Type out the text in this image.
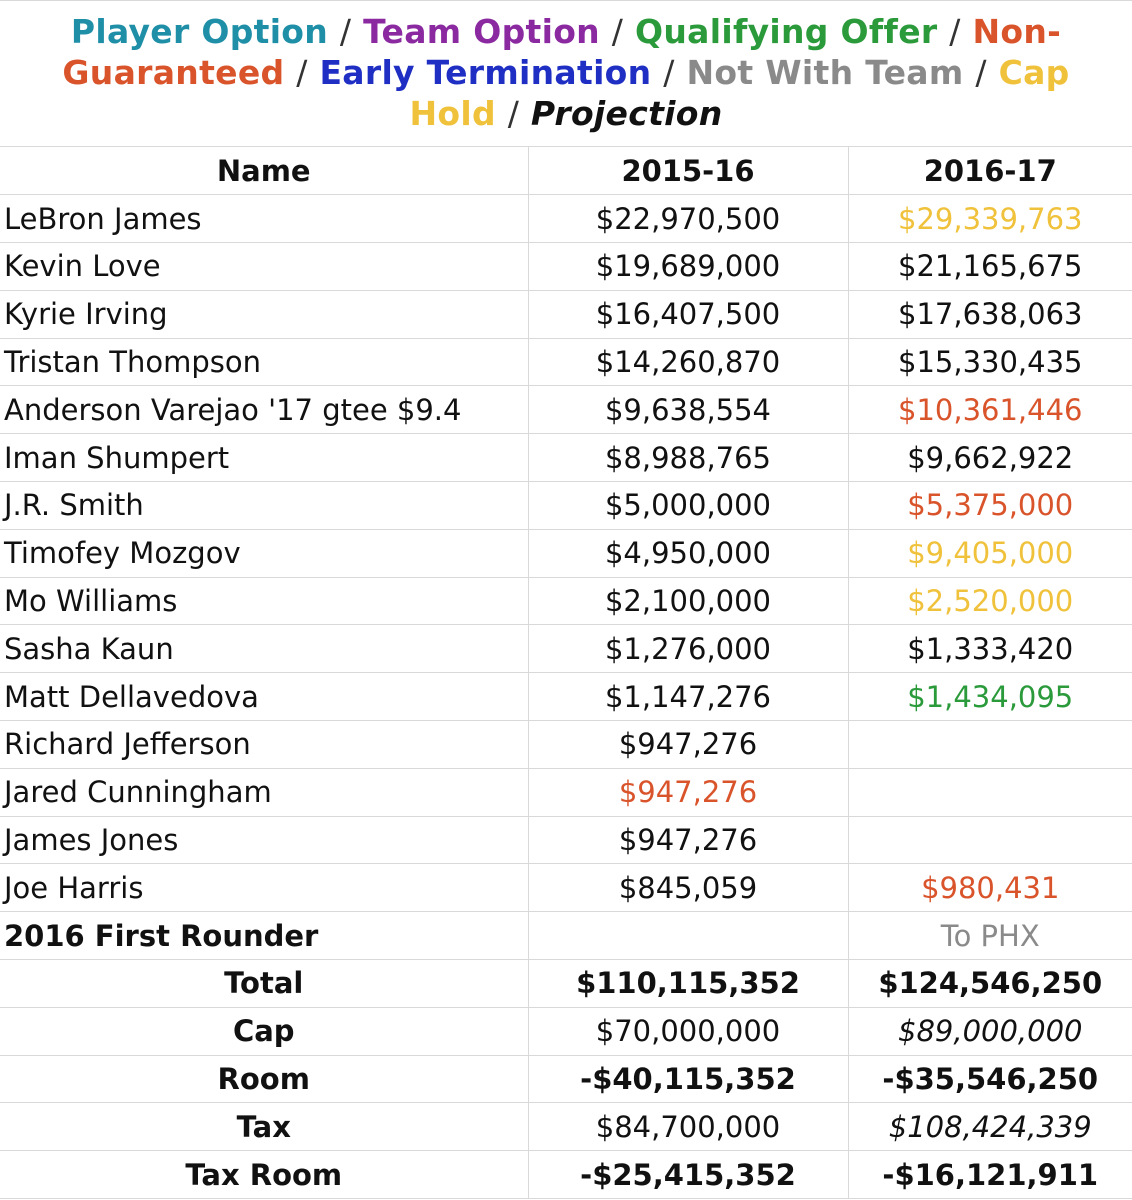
Player Option / Team Option / Qualifying Offer / Non-Guaranteed / Early Termination / Not With Team / Cap Hold / Projection
Name	2015-16	2016-17
LeBron James	$22,970,500	$29,339,763
Kevin Love	$19,689,000	$21,165,675
Kyrie Irving	$16,407,500	$17,638,063
Tristan Thompson	$14,260,870	$15,330,435
Anderson Varejao '17 gtee $9.4	$9,638,554	$10,361,446
Iman Shumpert	$8,988,765	$9,662,922
J.R. Smith	$5,000,000	$5,375,000
Timofey Mozgov	$4,950,000	$9,405,000
Mo Williams	$2,100,000	$2,520,000
Sasha Kaun	$1,276,000	$1,333,420
Matt Dellavedova	$1,147,276	$1,434,095
Richard Jefferson	$947,276	
Jared Cunningham	$947,276	
James Jones	$947,276	
Joe Harris	$845,059	$980,431
2016 First Rounder		To PHX
Total	$110,115,352	$124,546,250
Cap	$70,000,000	$89,000,000
Room	-$40,115,352	-$35,546,250
Tax	$84,700,000	$108,424,339
Tax Room	-$25,415,352	-$16,121,911
